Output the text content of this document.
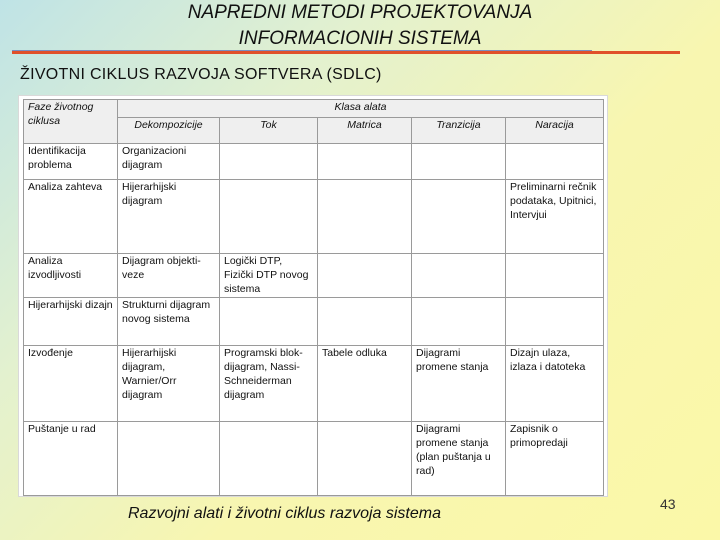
NAPREDNI METODI PROJEKTOVANJA
INFORMACIONIH SISTEMA
ŽIVOTNI CIKLUS RAZVOJA SOFTVERA (SDLC)
Faze životnog ciklusa	Klasa alata				
	Dekompozicije	Tok	Matrica	Tranzicija	Naracija
Identifikacija problema	Organizacioni dijagram				
Analiza zahteva	Hijerarhijski dijagram				Preliminarni rečnik podataka, Upitnici, Intervjui
Analiza izvodljivosti	Dijagram objekti-veze	Logički DTP, Fizički DTP novog sistema			
Hijerarhijski dizajn	Strukturni dijagram novog sistema				
Izvođenje	Hijerarhijski dijagram, Warnier/Orr dijagram	Programski blok-dijagram, Nassi-Schneiderman dijagram	Tabele odluka	Dijagrami promene stanja	Dizajn ulaza, izlaza i datoteka
Puštanje u rad				Dijagrami promene stanja (plan puštanja u rad)	Zapisnik o primopredaji
Razvojni alati i životni ciklus razvoja sistema
43
